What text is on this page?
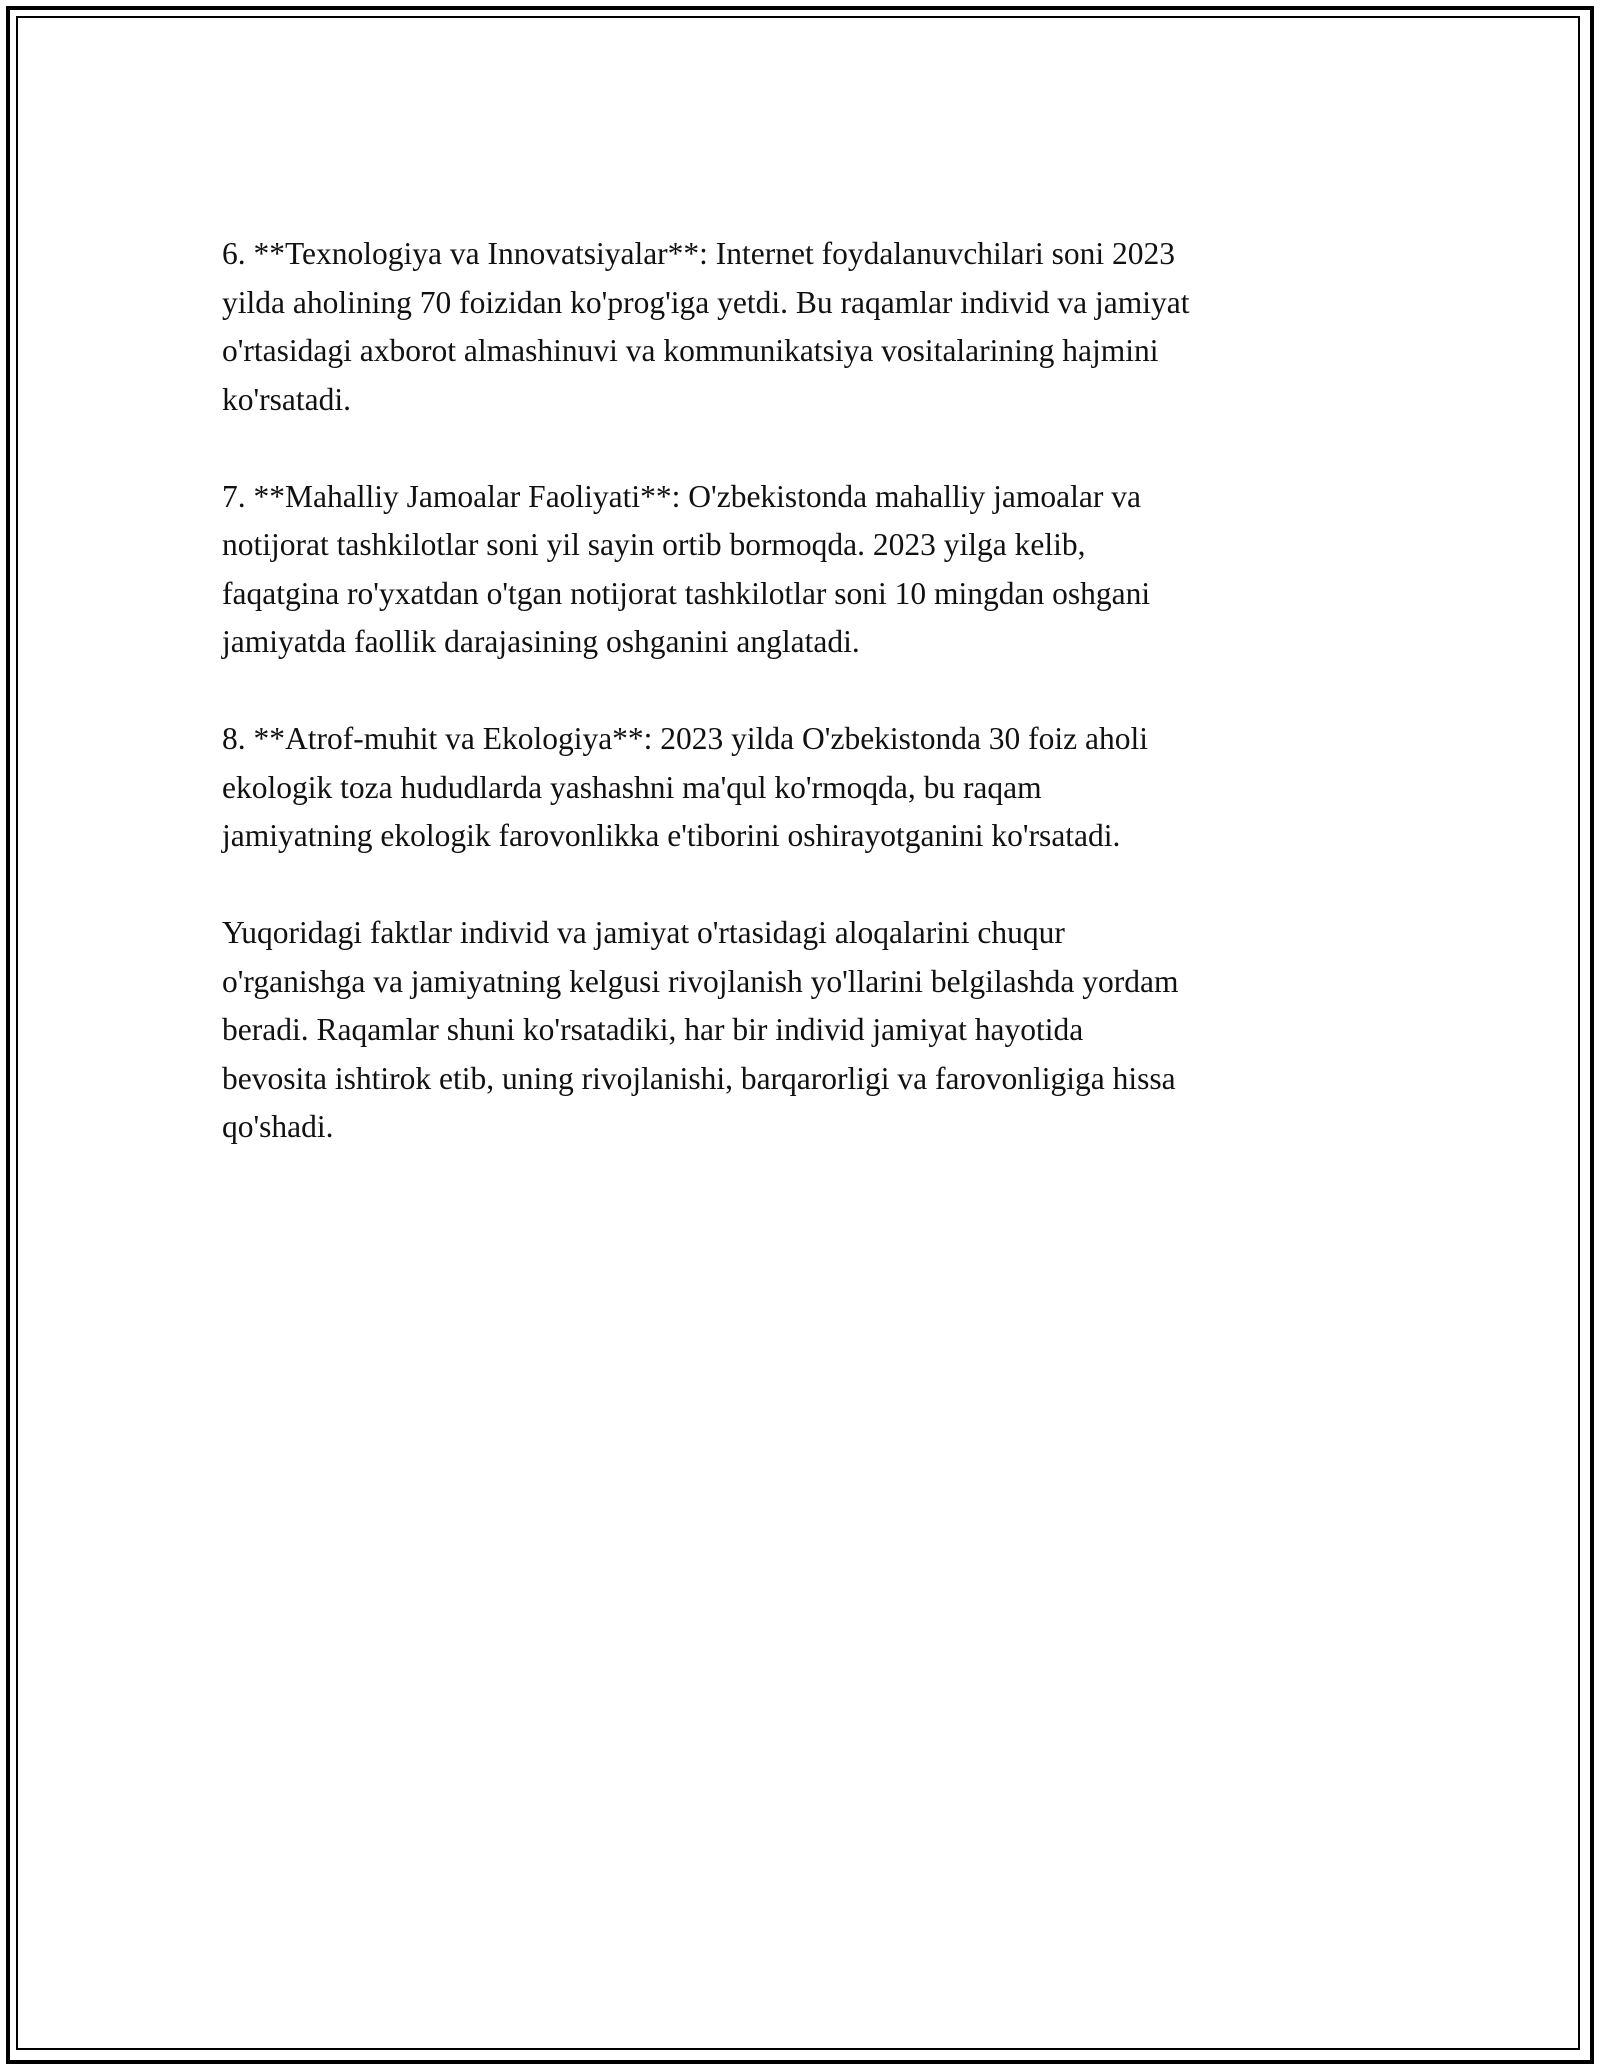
6. **Texnologiya va Innovatsiyalar**: Internet foydalanuvchilari soni 2023
yilda aholining 70 foizidan ko'prog'iga yetdi. Bu raqamlar individ va jamiyat
o'rtasidagi axborot almashinuvi va kommunikatsiya vositalarining hajmini
ko'rsatadi.

7. **Mahalliy Jamoalar Faoliyati**: O'zbekistonda mahalliy jamoalar va
notijorat tashkilotlar soni yil sayin ortib bormoqda. 2023 yilga kelib,
faqatgina ro'yxatdan o'tgan notijorat tashkilotlar soni 10 mingdan oshgani
jamiyatda faollik darajasining oshganini anglatadi.

8. **Atrof-muhit va Ekologiya**: 2023 yilda O'zbekistonda 30 foiz aholi
ekologik toza hududlarda yashashni ma'qul ko'rmoqda, bu raqam
jamiyatning ekologik farovonlikka e'tiborini oshirayotganini ko'rsatadi.

Yuqoridagi faktlar individ va jamiyat o'rtasidagi aloqalarini chuqur
o'rganishga va jamiyatning kelgusi rivojlanish yo'llarini belgilashda yordam
beradi. Raqamlar shuni ko'rsatadiki, har bir individ jamiyat hayotida
bevosita ishtirok etib, uning rivojlanishi, barqarorligi va farovonligiga hissa
qo'shadi.
